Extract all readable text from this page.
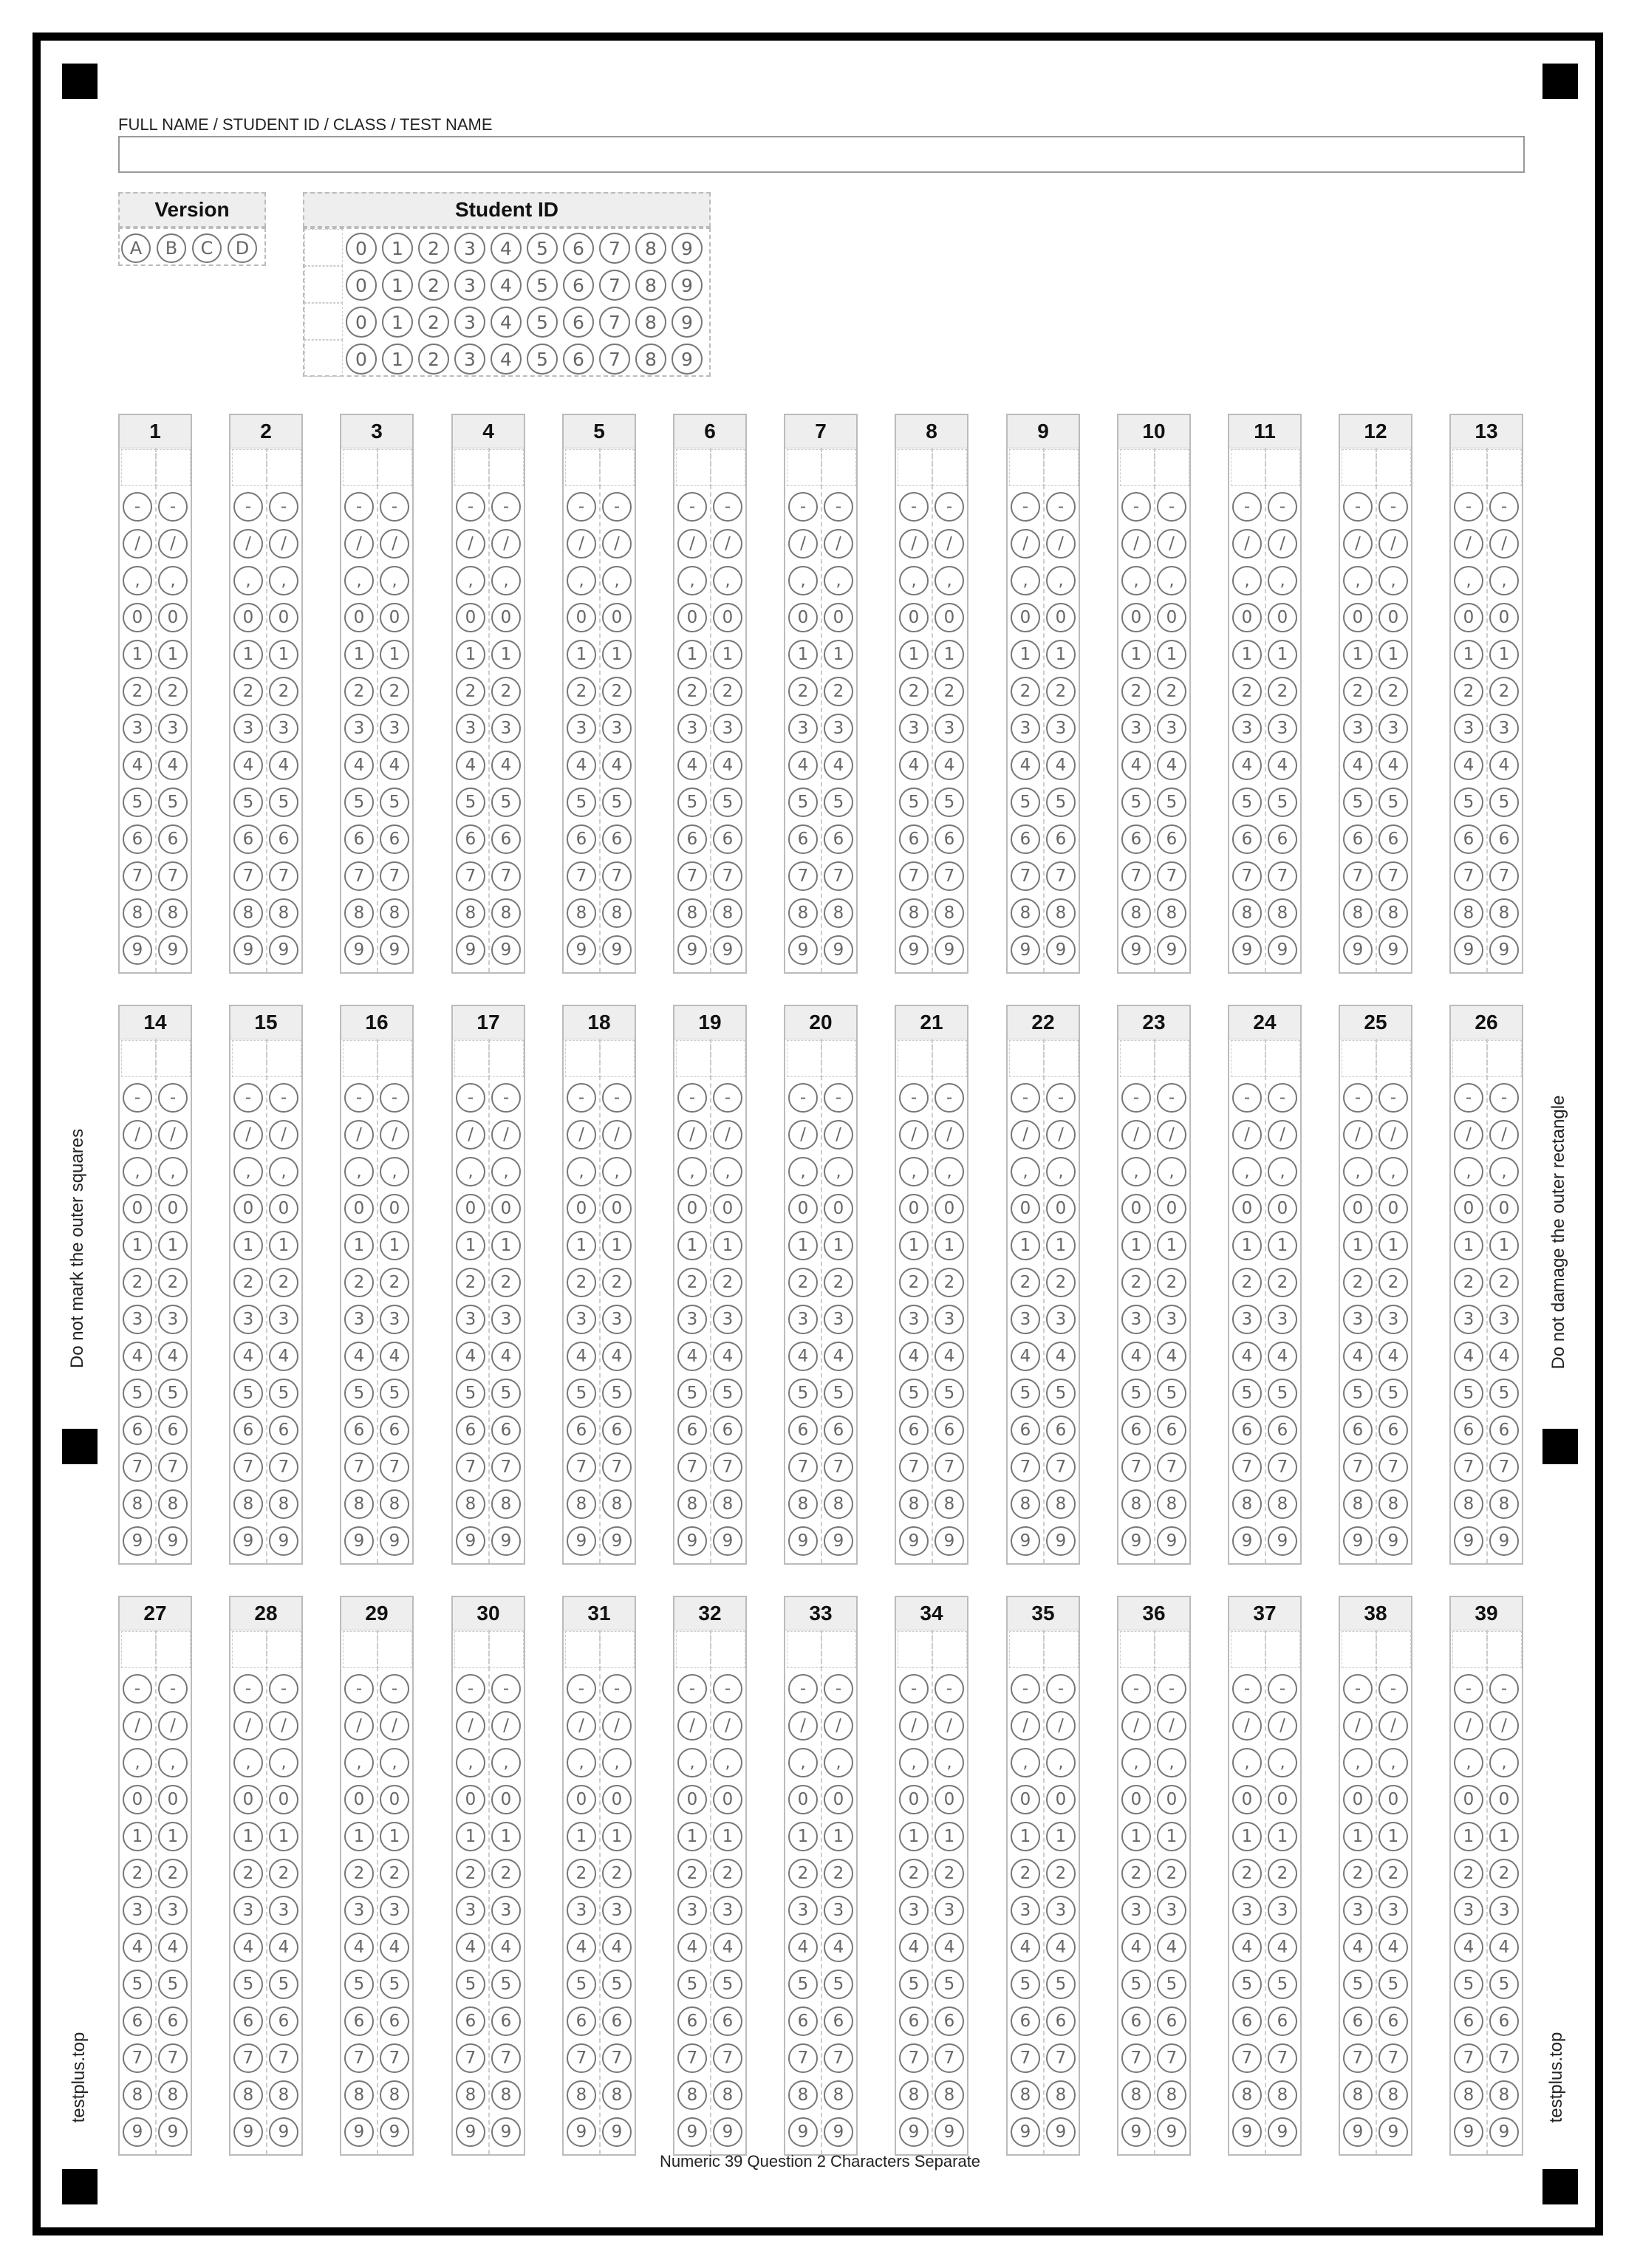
Do not mark the outer squares	Do not damage the outer rectangle
testplus.top	testplus.top
FULL NAME / STUDENT ID / CLASS / TEST NAME
Version
A	B	C	D
Student ID
0	1	2	3	4	5	6	7	8	9
0	1	2	3	4	5	6	7	8	9
0	1	2	3	4	5	6	7	8	9
0	1	2	3	4	5	6	7	8	9
1
-	-
/	/
,	,
0	0
1	1
2	2
3	3
4	4
5	5
6	6
7	7
8	8
9	9
2
-	-
/	/
,	,
0	0
1	1
2	2
3	3
4	4
5	5
6	6
7	7
8	8
9	9
3
-	-
/	/
,	,
0	0
1	1
2	2
3	3
4	4
5	5
6	6
7	7
8	8
9	9
4
-	-
/	/
,	,
0	0
1	1
2	2
3	3
4	4
5	5
6	6
7	7
8	8
9	9
5
-	-
/	/
,	,
0	0
1	1
2	2
3	3
4	4
5	5
6	6
7	7
8	8
9	9
6
-	-
/	/
,	,
0	0
1	1
2	2
3	3
4	4
5	5
6	6
7	7
8	8
9	9
7
-	-
/	/
,	,
0	0
1	1
2	2
3	3
4	4
5	5
6	6
7	7
8	8
9	9
8
-	-
/	/
,	,
0	0
1	1
2	2
3	3
4	4
5	5
6	6
7	7
8	8
9	9
9
-	-
/	/
,	,
0	0
1	1
2	2
3	3
4	4
5	5
6	6
7	7
8	8
9	9
10
-	-
/	/
,	,
0	0
1	1
2	2
3	3
4	4
5	5
6	6
7	7
8	8
9	9
11
-	-
/	/
,	,
0	0
1	1
2	2
3	3
4	4
5	5
6	6
7	7
8	8
9	9
12
-	-
/	/
,	,
0	0
1	1
2	2
3	3
4	4
5	5
6	6
7	7
8	8
9	9
13
-	-
/	/
,	,
0	0
1	1
2	2
3	3
4	4
5	5
6	6
7	7
8	8
9	9
14
-	-
/	/
,	,
0	0
1	1
2	2
3	3
4	4
5	5
6	6
7	7
8	8
9	9
15
-	-
/	/
,	,
0	0
1	1
2	2
3	3
4	4
5	5
6	6
7	7
8	8
9	9
16
-	-
/	/
,	,
0	0
1	1
2	2
3	3
4	4
5	5
6	6
7	7
8	8
9	9
17
-	-
/	/
,	,
0	0
1	1
2	2
3	3
4	4
5	5
6	6
7	7
8	8
9	9
18
-	-
/	/
,	,
0	0
1	1
2	2
3	3
4	4
5	5
6	6
7	7
8	8
9	9
19
-	-
/	/
,	,
0	0
1	1
2	2
3	3
4	4
5	5
6	6
7	7
8	8
9	9
20
-	-
/	/
,	,
0	0
1	1
2	2
3	3
4	4
5	5
6	6
7	7
8	8
9	9
21
-	-
/	/
,	,
0	0
1	1
2	2
3	3
4	4
5	5
6	6
7	7
8	8
9	9
22
-	-
/	/
,	,
0	0
1	1
2	2
3	3
4	4
5	5
6	6
7	7
8	8
9	9
23
-	-
/	/
,	,
0	0
1	1
2	2
3	3
4	4
5	5
6	6
7	7
8	8
9	9
24
-	-
/	/
,	,
0	0
1	1
2	2
3	3
4	4
5	5
6	6
7	7
8	8
9	9
25
-	-
/	/
,	,
0	0
1	1
2	2
3	3
4	4
5	5
6	6
7	7
8	8
9	9
26
-	-
/	/
,	,
0	0
1	1
2	2
3	3
4	4
5	5
6	6
7	7
8	8
9	9
27
-	-
/	/
,	,
0	0
1	1
2	2
3	3
4	4
5	5
6	6
7	7
8	8
9	9
28
-	-
/	/
,	,
0	0
1	1
2	2
3	3
4	4
5	5
6	6
7	7
8	8
9	9
29
-	-
/	/
,	,
0	0
1	1
2	2
3	3
4	4
5	5
6	6
7	7
8	8
9	9
30
-	-
/	/
,	,
0	0
1	1
2	2
3	3
4	4
5	5
6	6
7	7
8	8
9	9
31
-	-
/	/
,	,
0	0
1	1
2	2
3	3
4	4
5	5
6	6
7	7
8	8
9	9
32
-	-
/	/
,	,
0	0
1	1
2	2
3	3
4	4
5	5
6	6
7	7
8	8
9	9
33
-	-
/	/
,	,
0	0
1	1
2	2
3	3
4	4
5	5
6	6
7	7
8	8
9	9
34
-	-
/	/
,	,
0	0
1	1
2	2
3	3
4	4
5	5
6	6
7	7
8	8
9	9
35
-	-
/	/
,	,
0	0
1	1
2	2
3	3
4	4
5	5
6	6
7	7
8	8
9	9
36
-	-
/	/
,	,
0	0
1	1
2	2
3	3
4	4
5	5
6	6
7	7
8	8
9	9
37
-	-
/	/
,	,
0	0
1	1
2	2
3	3
4	4
5	5
6	6
7	7
8	8
9	9
38
-	-
/	/
,	,
0	0
1	1
2	2
3	3
4	4
5	5
6	6
7	7
8	8
9	9
39
-	-
/	/
,	,
0	0
1	1
2	2
3	3
4	4
5	5
6	6
7	7
8	8
9	9
Numeric 39 Question 2 Characters Separate
